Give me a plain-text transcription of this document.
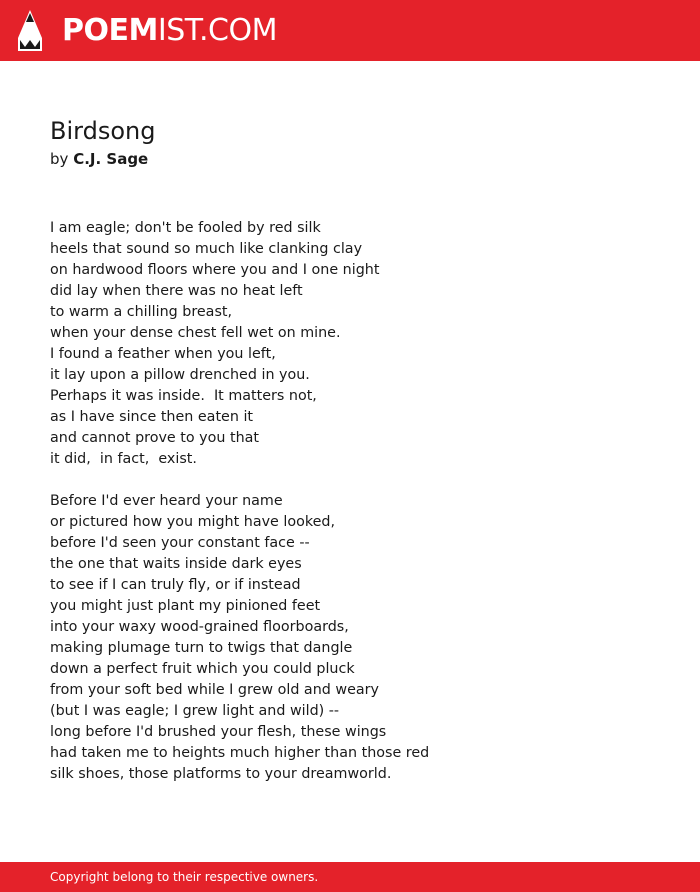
POEMIST.COM
Birdsong
by C.J. Sage
I am eagle; don't be fooled by red silk
heels that sound so much like clanking clay
on hardwood floors where you and I one night
did lay when there was no heat left
to warm a chilling breast,
when your dense chest fell wet on mine.
I found a feather when you left,
it lay upon a pillow drenched in you.
Perhaps it was inside.  It matters not,
as I have since then eaten it
and cannot prove to you that
it did,  in fact,  exist.
Before I'd ever heard your name
or pictured how you might have looked,
before I'd seen your constant face --
the one that waits inside dark eyes
to see if I can truly fly, or if instead
you might just plant my pinioned feet
into your waxy wood-grained floorboards,
making plumage turn to twigs that dangle
down a perfect fruit which you could pluck
from your soft bed while I grew old and weary
(but I was eagle; I grew light and wild) --
long before I'd brushed your flesh, these wings
had taken me to heights much higher than those red
silk shoes, those platforms to your dreamworld.
Copyright belong to their respective owners.
